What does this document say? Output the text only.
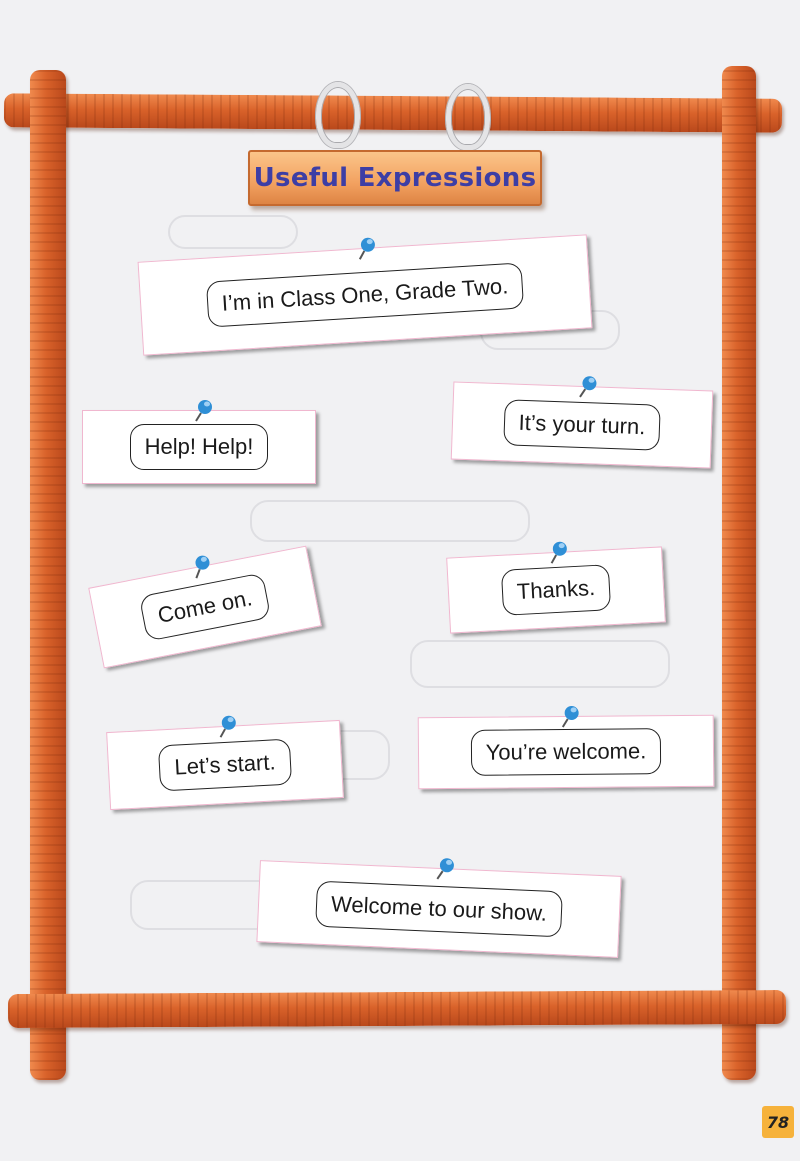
Useful Expressions
I’m in Class One, Grade Two.
Help! Help!
It’s your turn.
Come on.	Thanks.
Let’s start.	You’re welcome.
Welcome to our show.
78
